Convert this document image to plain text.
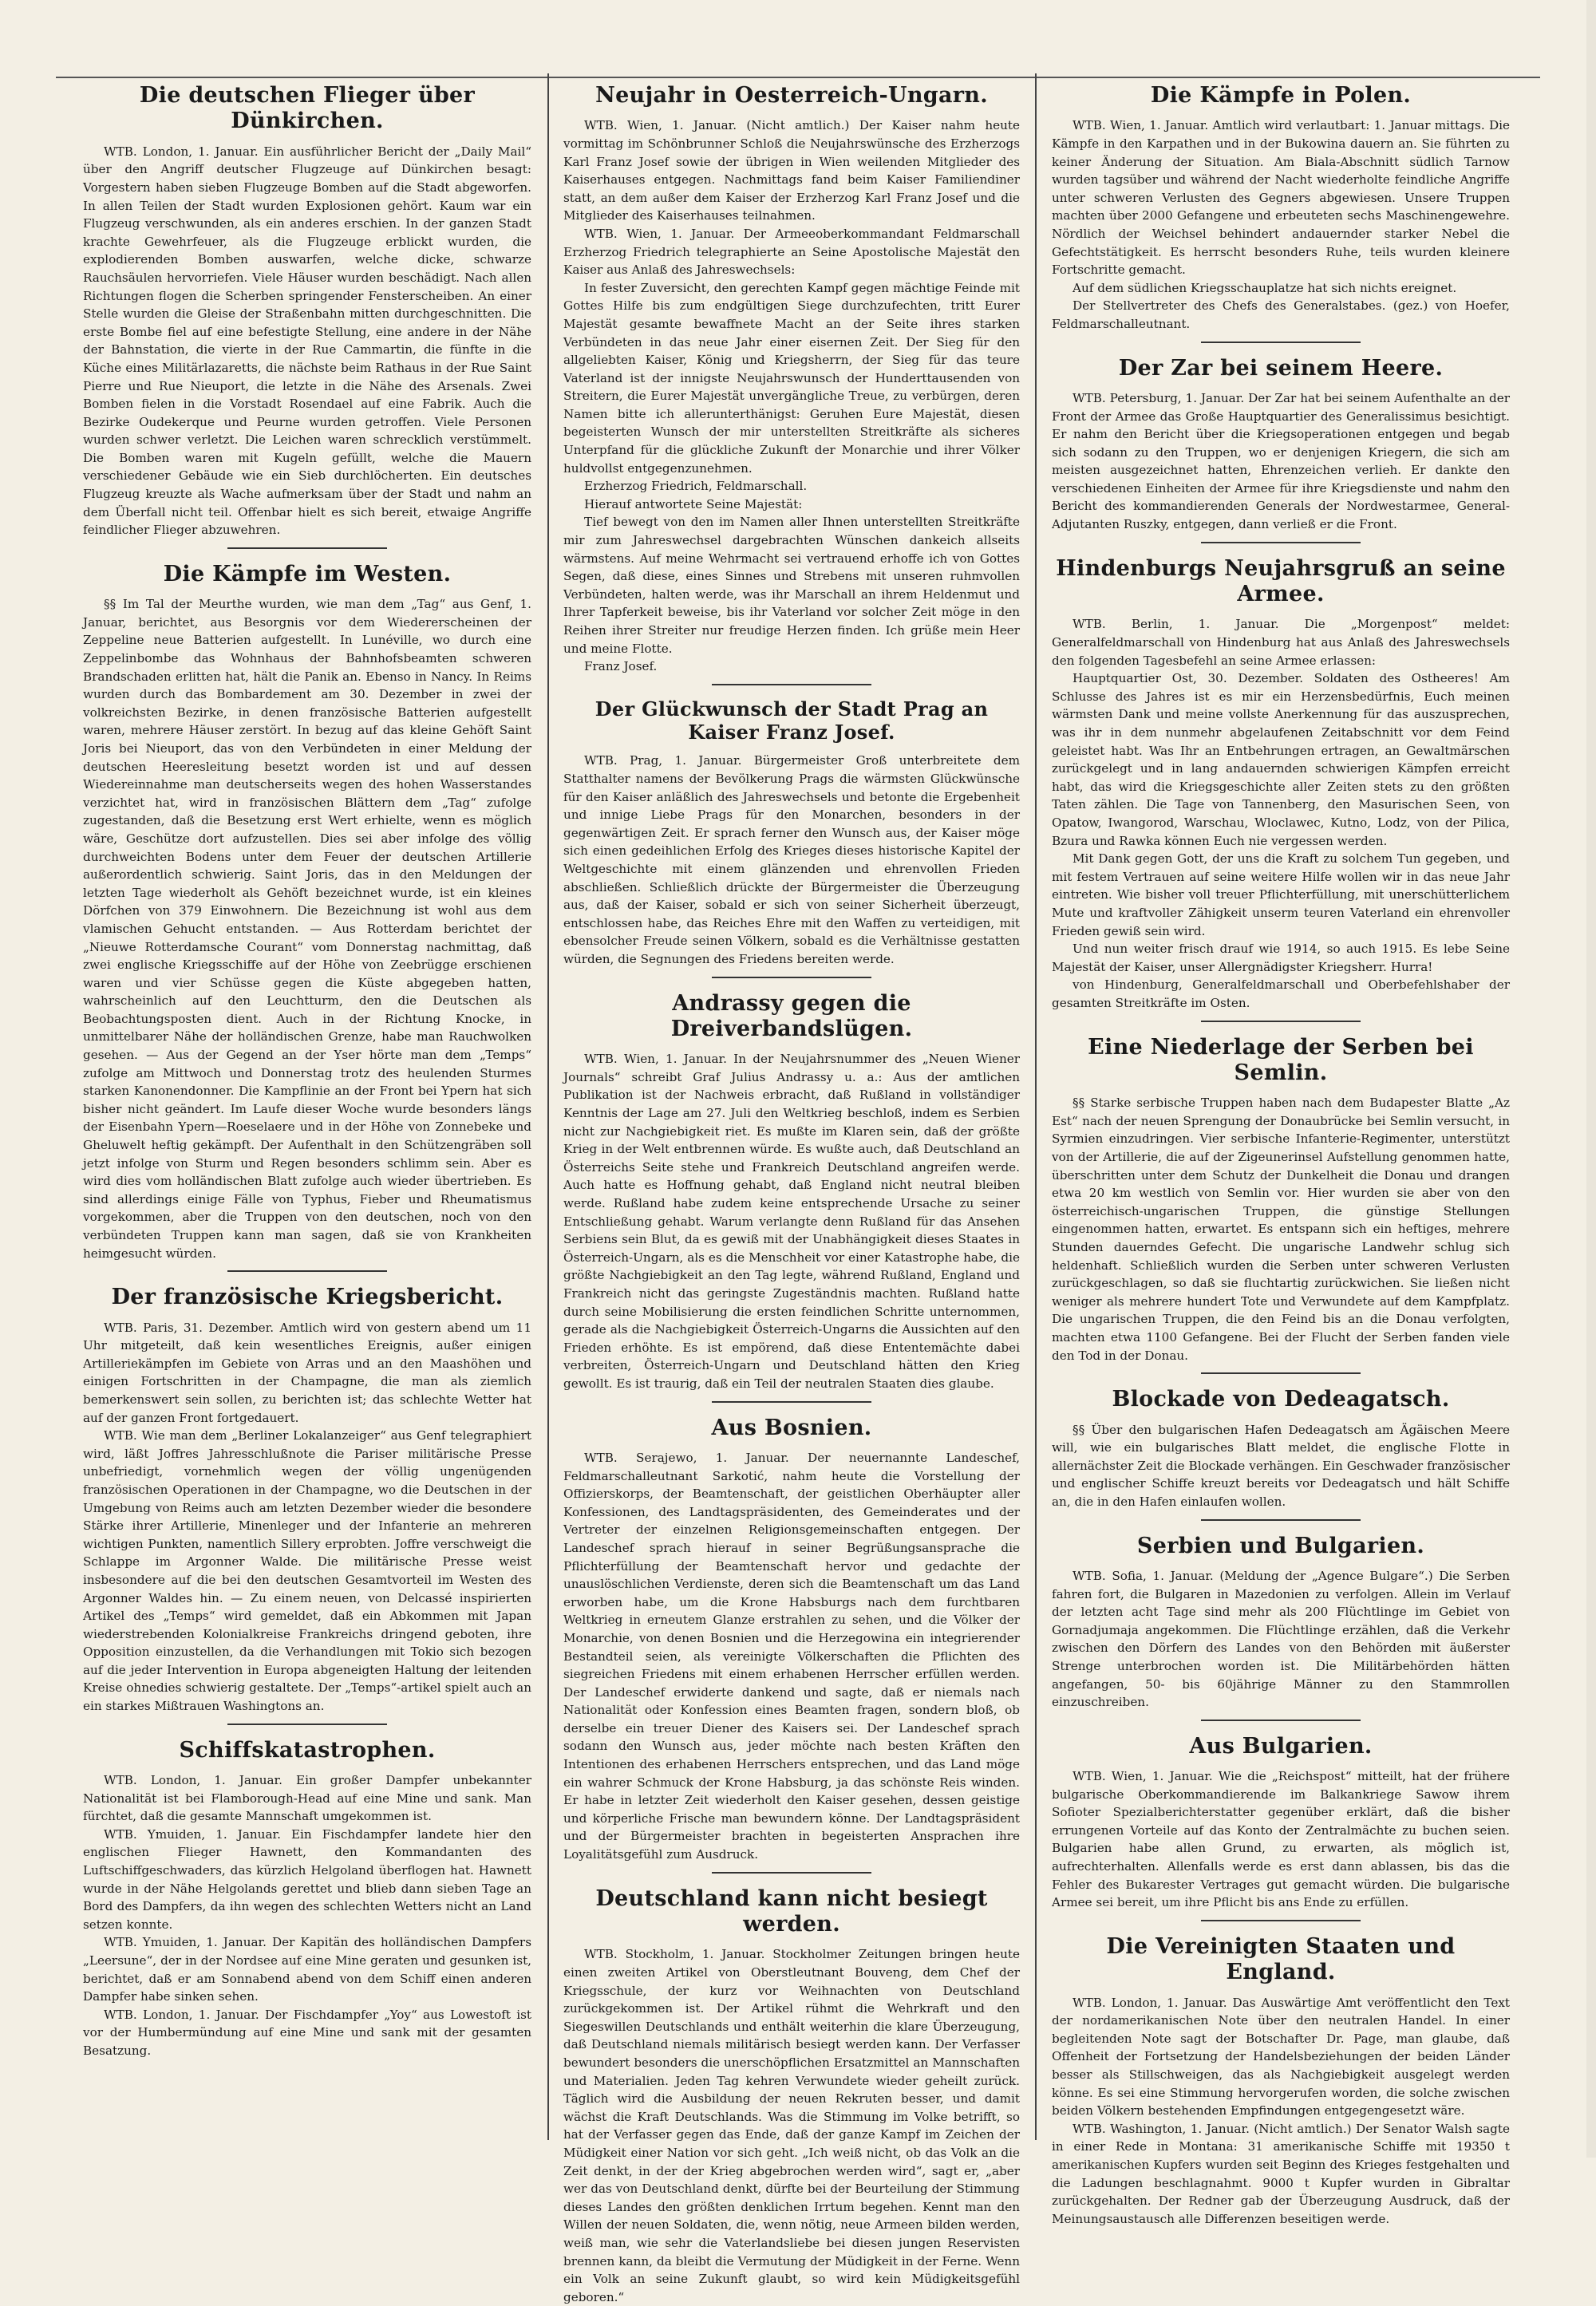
Die deutschen Flieger über Dünkirchen.

WTB. London, 1. Januar. Ein ausführlicher Bericht der „Daily Mail“ über den Angriff deutscher Flugzeuge auf Dünkirchen besagt: Vorgestern haben sieben Flugzeuge Bomben auf die Stadt abgeworfen. In allen Teilen der Stadt wurden Explosionen gehört. Kaum war ein Flugzeug verschwunden, als ein anderes erschien. In der ganzen Stadt krachte Gewehrfeuer, als die Flugzeuge erblickt wurden, die explodierenden Bomben auswarfen, welche dicke, schwarze Rauchsäulen hervorriefen. Viele Häuser wurden beschädigt. Nach allen Richtungen flogen die Scherben springender Fensterscheiben. An einer Stelle wurden die Gleise der Straßenbahn mitten durchgeschnitten. Die erste Bombe fiel auf eine befestigte Stellung, eine andere in der Nähe der Bahnstation, die vierte in der Rue Cammartin, die fünfte in die Küche eines Militärlazaretts, die nächste beim Rathaus in der Rue Saint Pierre und Rue Nieuport, die letzte in die Nähe des Arsenals. Zwei Bomben fielen in die Vorstadt Rosendael auf eine Fabrik. Auch die Bezirke Oudekerque und Peurne wurden getroffen. Viele Personen wurden schwer verletzt. Die Leichen waren schrecklich verstümmelt. Die Bomben waren mit Kugeln gefüllt, welche die Mauern verschiedener Gebäude wie ein Sieb durchlöcherten. Ein deutsches Flugzeug kreuzte als Wache aufmerksam über der Stadt und nahm an dem Überfall nicht teil. Offenbar hielt es sich bereit, etwaige Angriffe feindlicher Flieger abzuwehren.

Die Kämpfe im Westen.

§§ Im Tal der Meurthe wurden, wie man dem „Tag“ aus Genf, 1. Januar, berichtet, aus Besorgnis vor dem Wiedererscheinen der Zeppeline neue Batterien aufgestellt. In Lunéville, wo durch eine Zeppelinbombe das Wohnhaus der Bahnhofsbeamten schweren Brandschaden erlitten hat, hält die Panik an. Ebenso in Nancy. In Reims wurden durch das Bombardement am 30. Dezember in zwei der volkreichsten Bezirke, in denen französische Batterien aufgestellt waren, mehrere Häuser zerstört. In bezug auf das kleine Gehöft Saint Joris bei Nieuport, das von den Verbündeten in einer Meldung der deutschen Heeresleitung besetzt worden ist und auf dessen Wiedereinnahme man deutscherseits wegen des hohen Wasserstandes verzichtet hat, wird in französischen Blättern dem „Tag“ zufolge zugestanden, daß die Besetzung erst Wert erhielte, wenn es möglich wäre, Geschütze dort aufzustellen. Dies sei aber infolge des völlig durchweichten Bodens unter dem Feuer der deutschen Artillerie außerordentlich schwierig. Saint Joris, das in den Meldungen der letzten Tage wiederholt als Gehöft bezeichnet wurde, ist ein kleines Dörfchen von 379 Einwohnern. Die Bezeichnung ist wohl aus dem vlamischen Gehucht entstanden. — Aus Rotterdam berichtet der „Nieuwe Rotterdamsche Courant“ vom Donnerstag nachmittag, daß zwei englische Kriegsschiffe auf der Höhe von Zeebrügge erschienen waren und vier Schüsse gegen die Küste abgegeben hatten, wahrscheinlich auf den Leuchtturm, den die Deutschen als Beobachtungsposten dient. Auch in der Richtung Knocke, in unmittelbarer Nähe der holländischen Grenze, habe man Rauchwolken gesehen. — Aus der Gegend an der Yser hörte man dem „Temps“ zufolge am Mittwoch und Donnerstag trotz des heulenden Sturmes starken Kanonendonner. Die Kampflinie an der Front bei Ypern hat sich bisher nicht geändert. Im Laufe dieser Woche wurde besonders längs der Eisenbahn Ypern—Roeselaere und in der Höhe von Zonnebeke und Gheluwelt heftig gekämpft. Der Aufenthalt in den Schützengräben soll jetzt infolge von Sturm und Regen besonders schlimm sein. Aber es wird dies vom holländischen Blatt zufolge auch wieder übertrieben. Es sind allerdings einige Fälle von Typhus, Fieber und Rheumatismus vorgekommen, aber die Truppen von den deutschen, noch von den verbündeten Truppen kann man sagen, daß sie von Krankheiten heimgesucht würden.

Der französische Kriegsbericht.

WTB. Paris, 31. Dezember. Amtlich wird von gestern abend um 11 Uhr mitgeteilt, daß kein wesentliches Ereignis, außer einigen Artilleriekämpfen im Gebiete von Arras und an den Maashöhen und einigen Fortschritten in der Champagne, die man als ziemlich bemerkenswert sein sollen, zu berichten ist; das schlechte Wetter hat auf der ganzen Front fortgedauert.

WTB. Wie man dem „Berliner Lokalanzeiger“ aus Genf telegraphiert wird, läßt Joffres Jahresschlußnote die Pariser militärische Presse unbefriedigt, vornehmlich wegen der völlig ungenügenden französischen Operationen in der Champagne, wo die Deutschen in der Umgebung von Reims auch am letzten Dezember wieder die besondere Stärke ihrer Artillerie, Minenleger und der Infanterie an mehreren wichtigen Punkten, namentlich Sillery erprobten. Joffre verschweigt die Schlappe im Argonner Walde. Die militärische Presse weist insbesondere auf die bei den deutschen Gesamtvorteil im Westen des Argonner Waldes hin. — Zu einem neuen, von Delcassé inspirierten Artikel des „Temps“ wird gemeldet, daß ein Abkommen mit Japan wiederstrebenden Kolonialkreise Frankreichs dringend geboten, ihre Opposition einzustellen, da die Verhandlungen mit Tokio sich bezogen auf die jeder Intervention in Europa abgeneigten Haltung der leitenden Kreise ohnedies schwierig gestaltete. Der „Temps“-artikel spielt auch an ein starkes Mißtrauen Washingtons an.

Schiffskatastrophen.

WTB. London, 1. Januar. Ein großer Dampfer unbekannter Nationalität ist bei Flamborough-Head auf eine Mine und sank. Man fürchtet, daß die gesamte Mannschaft umgekommen ist.

WTB. Ymuiden, 1. Januar. Ein Fischdampfer landete hier den englischen Flieger Hawnett, den Kommandanten des Luftschiffgeschwaders, das kürzlich Helgoland überflogen hat. Hawnett wurde in der Nähe Helgolands gerettet und blieb dann sieben Tage an Bord des Dampfers, da ihn wegen des schlechten Wetters nicht an Land setzen konnte.

WTB. Ymuiden, 1. Januar. Der Kapitän des holländischen Dampfers „Leersune“, der in der Nordsee auf eine Mine geraten und gesunken ist, berichtet, daß er am Sonnabend abend von dem Schiff einen anderen Dampfer habe sinken sehen.

WTB. London, 1. Januar. Der Fischdampfer „Yoy“ aus Lowestoft ist vor der Humbermündung auf eine Mine und sank mit der gesamten Besatzung.

Neujahr in Oesterreich-Ungarn.

WTB. Wien, 1. Januar. (Nicht amtlich.) Der Kaiser nahm heute vormittag im Schönbrunner Schloß die Neujahrswünsche des Erzherzogs Karl Franz Josef sowie der übrigen in Wien weilenden Mitglieder des Kaiserhauses entgegen. Nachmittags fand beim Kaiser Familiendiner statt, an dem außer dem Kaiser der Erzherzog Karl Franz Josef und die Mitglieder des Kaiserhauses teilnahmen.

WTB. Wien, 1. Januar. Der Armeeoberkommandant Feldmarschall Erzherzog Friedrich telegraphierte an Seine Apostolische Majestät den Kaiser aus Anlaß des Jahreswechsels:

In fester Zuversicht, den gerechten Kampf gegen mächtige Feinde mit Gottes Hilfe bis zum endgültigen Siege durchzufechten, tritt Eurer Majestät gesamte bewaffnete Macht an der Seite ihres starken Verbündeten in das neue Jahr einer eisernen Zeit. Der Sieg für den allgeliebten Kaiser, König und Kriegsherrn, der Sieg für das teure Vaterland ist der innigste Neujahrswunsch der Hunderttausenden von Streitern, die Eurer Majestät unvergängliche Treue, zu verbürgen, deren Namen bitte ich allerunterthänigst: Geruhen Eure Majestät, diesen begeisterten Wunsch der mir unterstellten Streitkräfte als sicheres Unterpfand für die glückliche Zukunft der Monarchie und ihrer Völker huldvollst entgegenzunehmen.

Erzherzog Friedrich, Feldmarschall.

Hierauf antwortete Seine Majestät:

Tief bewegt von den im Namen aller Ihnen unterstellten Streitkräfte mir zum Jahreswechsel dargebrachten Wünschen dankeich allseits wärmstens. Auf meine Wehrmacht sei vertrauend erhoffe ich von Gottes Segen, daß diese, eines Sinnes und Strebens mit unseren ruhmvollen Verbündeten, halten werde, was ihr Marschall an ihrem Heldenmut und Ihrer Tapferkeit beweise, bis ihr Vaterland vor solcher Zeit möge in den Reihen ihrer Streiter nur freudige Herzen finden. Ich grüße mein Heer und meine Flotte.

Franz Josef.

Der Glückwunsch der Stadt Prag an Kaiser Franz Josef.

WTB. Prag, 1. Januar. Bürgermeister Groß unterbreitete dem Statthalter namens der Bevölkerung Prags die wärmsten Glückwünsche für den Kaiser anläßlich des Jahreswechsels und betonte die Ergebenheit und innige Liebe Prags für den Monarchen, besonders in der gegenwärtigen Zeit. Er sprach ferner den Wunsch aus, der Kaiser möge sich einen gedeihlichen Erfolg des Krieges dieses historische Kapitel der Weltgeschichte mit einem glänzenden und ehrenvollen Frieden abschließen. Schließlich drückte der Bürgermeister die Überzeugung aus, daß der Kaiser, sobald er sich von seiner Sicherheit überzeugt, entschlossen habe, das Reiches Ehre mit den Waffen zu verteidigen, mit ebensolcher Freude seinen Völkern, sobald es die Verhältnisse gestatten würden, die Segnungen des Friedens bereiten werde.

Andrassy gegen die Dreiverbandslügen.

WTB. Wien, 1. Januar. In der Neujahrsnummer des „Neuen Wiener Journals“ schreibt Graf Julius Andrassy u. a.: Aus der amtlichen Publikation ist der Nachweis erbracht, daß Rußland in vollständiger Kenntnis der Lage am 27. Juli den Weltkrieg beschloß, indem es Serbien nicht zur Nachgiebigkeit riet. Es mußte im Klaren sein, daß der größte Krieg in der Welt entbrennen würde. Es wußte auch, daß Deutschland an Österreichs Seite stehe und Frankreich Deutschland angreifen werde. Auch hatte es Hoffnung gehabt, daß England nicht neutral bleiben werde. Rußland habe zudem keine entsprechende Ursache zu seiner Entschließung gehabt. Warum verlangte denn Rußland für das Ansehen Serbiens sein Blut, da es gewiß mit der Unabhängigkeit dieses Staates in Österreich-Ungarn, als es die Menschheit vor einer Katastrophe habe, die größte Nachgiebigkeit an den Tag legte, während Rußland, England und Frankreich nicht das geringste Zugeständnis machten. Rußland hatte durch seine Mobilisierung die ersten feindlichen Schritte unternommen, gerade als die Nachgiebigkeit Österreich-Ungarns die Aussichten auf den Frieden erhöhte. Es ist empörend, daß diese Ententemächte dabei verbreiten, Österreich-Ungarn und Deutschland hätten den Krieg gewollt. Es ist traurig, daß ein Teil der neutralen Staaten dies glaube.

Aus Bosnien.

WTB. Serajewo, 1. Januar. Der neuernannte Landeschef, Feldmarschalleutnant Sarkotić, nahm heute die Vorstellung der Offizierskorps, der Beamtenschaft, der geistlichen Oberhäupter aller Konfessionen, des Landtagspräsidenten, des Gemeinderates und der Vertreter der einzelnen Religionsgemeinschaften entgegen. Der Landeschef sprach hierauf in seiner Begrüßungsansprache die Pflichterfüllung der Beamtenschaft hervor und gedachte der unauslöschlichen Verdienste, deren sich die Beamtenschaft um das Land erworben habe, um die Krone Habsburgs nach dem furchtbaren Weltkrieg in erneutem Glanze erstrahlen zu sehen, und die Völker der Monarchie, von denen Bosnien und die Herzegowina ein integrierender Bestandteil seien, als vereinigte Völkerschaften die Pflichten des siegreichen Friedens mit einem erhabenen Herrscher erfüllen werden. Der Landeschef erwiderte dankend und sagte, daß er niemals nach Nationalität oder Konfession eines Beamten fragen, sondern bloß, ob derselbe ein treuer Diener des Kaisers sei. Der Landeschef sprach sodann den Wunsch aus, jeder möchte nach besten Kräften den Intentionen des erhabenen Herrschers entsprechen, und das Land möge ein wahrer Schmuck der Krone Habsburg, ja das schönste Reis winden. Er habe in letzter Zeit wiederholt den Kaiser gesehen, dessen geistige und körperliche Frische man bewundern könne. Der Landtagspräsident und der Bürgermeister brachten in begeisterten Ansprachen ihre Loyalitätsgefühl zum Ausdruck.

Deutschland kann nicht besiegt werden.

WTB. Stockholm, 1. Januar. Stockholmer Zeitungen bringen heute einen zweiten Artikel von Oberstleutnant Bouveng, dem Chef der Kriegsschule, der kurz vor Weihnachten von Deutschland zurückgekommen ist. Der Artikel rühmt die Wehrkraft und den Siegeswillen Deutschlands und enthält weiterhin die klare Überzeugung, daß Deutschland niemals militärisch besiegt werden kann. Der Verfasser bewundert besonders die unerschöpflichen Ersatzmittel an Mannschaften und Materialien. Jeden Tag kehren Verwundete wieder geheilt zurück. Täglich wird die Ausbildung der neuen Rekruten besser, und damit wächst die Kraft Deutschlands. Was die Stimmung im Volke betrifft, so hat der Verfasser gegen das Ende, daß der ganze Kampf im Zeichen der Müdigkeit einer Nation vor sich geht. „Ich weiß nicht, ob das Volk an die Zeit denkt, in der der Krieg abgebrochen werden wird“, sagt er, „aber wer das von Deutschland denkt, dürfte bei der Beurteilung der Stimmung dieses Landes den größten denklichen Irrtum begehen. Kennt man den Willen der neuen Soldaten, die, wenn nötig, neue Armeen bilden werden, weiß man, wie sehr die Vaterlandsliebe bei diesen jungen Reservisten brennen kann, da bleibt die Vermutung der Müdigkeit in der Ferne. Wenn ein Volk an seine Zukunft glaubt, so wird kein Müdigkeitsgefühl geboren.“

Die Kämpfe in Polen.

WTB. Wien, 1. Januar. Amtlich wird verlautbart: 1. Januar mittags. Die Kämpfe in den Karpathen und in der Bukowina dauern an. Sie führten zu keiner Änderung der Situation. Am Biala-Abschnitt südlich Tarnow wurden tagsüber und während der Nacht wiederholte feindliche Angriffe unter schweren Verlusten des Gegners abgewiesen. Unsere Truppen machten über 2000 Gefangene und erbeuteten sechs Maschinengewehre. Nördlich der Weichsel behindert andauernder starker Nebel die Gefechtstätigkeit. Es herrscht besonders Ruhe, teils wurden kleinere Fortschritte gemacht.

Auf dem südlichen Kriegsschauplatze hat sich nichts ereignet.

Der Stellvertreter des Chefs des Generalstabes. (gez.) von Hoefer, Feldmarschalleutnant.

Der Zar bei seinem Heere.

WTB. Petersburg, 1. Januar. Der Zar hat bei seinem Aufenthalte an der Front der Armee das Große Hauptquartier des Generalissimus besichtigt. Er nahm den Bericht über die Kriegsoperationen entgegen und begab sich sodann zu den Truppen, wo er denjenigen Kriegern, die sich am meisten ausgezeichnet hatten, Ehrenzeichen verlieh. Er dankte den verschiedenen Einheiten der Armee für ihre Kriegsdienste und nahm den Bericht des kommandierenden Generals der Nordwestarmee, General-Adjutanten Ruszky, entgegen, dann verließ er die Front.

Hindenburgs Neujahrsgruß an seine Armee.

WTB. Berlin, 1. Januar. Die „Morgenpost“ meldet: Generalfeldmarschall von Hindenburg hat aus Anlaß des Jahreswechsels den folgenden Tagesbefehl an seine Armee erlassen:

Hauptquartier Ost, 30. Dezember. Soldaten des Ostheeres! Am Schlusse des Jahres ist es mir ein Herzensbedürfnis, Euch meinen wärmsten Dank und meine vollste Anerkennung für das auszusprechen, was ihr in dem nunmehr abgelaufenen Zeitabschnitt vor dem Feind geleistet habt. Was Ihr an Entbehrungen ertragen, an Gewaltmärschen zurückgelegt und in lang andauernden schwierigen Kämpfen erreicht habt, das wird die Kriegsgeschichte aller Zeiten stets zu den größten Taten zählen. Die Tage von Tannenberg, den Masurischen Seen, von Opatow, Iwangorod, Warschau, Wloclawec, Kutno, Lodz, von der Pilica, Bzura und Rawka können Euch nie vergessen werden.

Mit Dank gegen Gott, der uns die Kraft zu solchem Tun gegeben, und mit festem Vertrauen auf seine weitere Hilfe wollen wir in das neue Jahr eintreten. Wie bisher voll treuer Pflichterfüllung, mit unerschütterlichem Mute und kraftvoller Zähigkeit unserm teuren Vaterland ein ehrenvoller Frieden gewiß sein wird.

Und nun weiter frisch drauf wie 1914, so auch 1915. Es lebe Seine Majestät der Kaiser, unser Allergnädigster Kriegsherr. Hurra!

von Hindenburg, Generalfeldmarschall und Oberbefehlshaber der gesamten Streitkräfte im Osten.

Eine Niederlage der Serben bei Semlin.

§§ Starke serbische Truppen haben nach dem Budapester Blatte „Az Est“ nach der neuen Sprengung der Donaubrücke bei Semlin versucht, in Syrmien einzudringen. Vier serbische Infanterie-Regimenter, unterstützt von der Artillerie, die auf der Zigeunerinsel Aufstellung genommen hatte, überschritten unter dem Schutz der Dunkelheit die Donau und drangen etwa 20 km westlich von Semlin vor. Hier wurden sie aber von den österreichisch-ungarischen Truppen, die günstige Stellungen eingenommen hatten, erwartet. Es entspann sich ein heftiges, mehrere Stunden dauerndes Gefecht. Die ungarische Landwehr schlug sich heldenhaft. Schließlich wurden die Serben unter schweren Verlusten zurückgeschlagen, so daß sie fluchtartig zurückwichen. Sie ließen nicht weniger als mehrere hundert Tote und Verwundete auf dem Kampfplatz. Die ungarischen Truppen, die den Feind bis an die Donau verfolgten, machten etwa 1100 Gefangene. Bei der Flucht der Serben fanden viele den Tod in der Donau.

Blockade von Dedeagatsch.

§§ Über den bulgarischen Hafen Dedeagatsch am Ägäischen Meere will, wie ein bulgarisches Blatt meldet, die englische Flotte in allernächster Zeit die Blockade verhängen. Ein Geschwader französischer und englischer Schiffe kreuzt bereits vor Dedeagatsch und hält Schiffe an, die in den Hafen einlaufen wollen.

Serbien und Bulgarien.

WTB. Sofia, 1. Januar. (Meldung der „Agence Bulgare“.) Die Serben fahren fort, die Bulgaren in Mazedonien zu verfolgen. Allein im Verlauf der letzten acht Tage sind mehr als 200 Flüchtlinge im Gebiet von Gornadjumaja angekommen. Die Flüchtlinge erzählen, daß die Verkehr zwischen den Dörfern des Landes von den Behörden mit äußerster Strenge unterbrochen worden ist. Die Militärbehörden hätten angefangen, 50- bis 60jährige Männer zu den Stammrollen einzuschreiben.

Aus Bulgarien.

WTB. Wien, 1. Januar. Wie die „Reichspost“ mitteilt, hat der frühere bulgarische Oberkommandierende im Balkankriege Sawow ihrem Sofioter Spezialberichterstatter gegenüber erklärt, daß die bisher errungenen Vorteile auf das Konto der Zentralmächte zu buchen seien. Bulgarien habe allen Grund, zu erwarten, als möglich ist, aufrechterhalten. Allenfalls werde es erst dann ablassen, bis das die Fehler des Bukarester Vertrages gut gemacht würden. Die bulgarische Armee sei bereit, um ihre Pflicht bis ans Ende zu erfüllen.

Die Vereinigten Staaten und England.

WTB. London, 1. Januar. Das Auswärtige Amt veröffentlicht den Text der nordamerikanischen Note über den neutralen Handel. In einer begleitenden Note sagt der Botschafter Dr. Page, man glaube, daß Offenheit der Fortsetzung der Handelsbeziehungen der beiden Länder besser als Stillschweigen, das als Nachgiebigkeit ausgelegt werden könne. Es sei eine Stimmung hervorgerufen worden, die solche zwischen beiden Völkern bestehenden Empfindungen entgegengesetzt wäre.

WTB. Washington, 1. Januar. (Nicht amtlich.) Der Senator Walsh sagte in einer Rede in Montana: 31 amerikanische Schiffe mit 19350 t amerikanischen Kupfers wurden seit Beginn des Krieges festgehalten und die Ladungen beschlagnahmt. 9000 t Kupfer wurden in Gibraltar zurückgehalten. Der Redner gab der Überzeugung Ausdruck, daß der Meinungsaustausch alle Differenzen beseitigen werde.
